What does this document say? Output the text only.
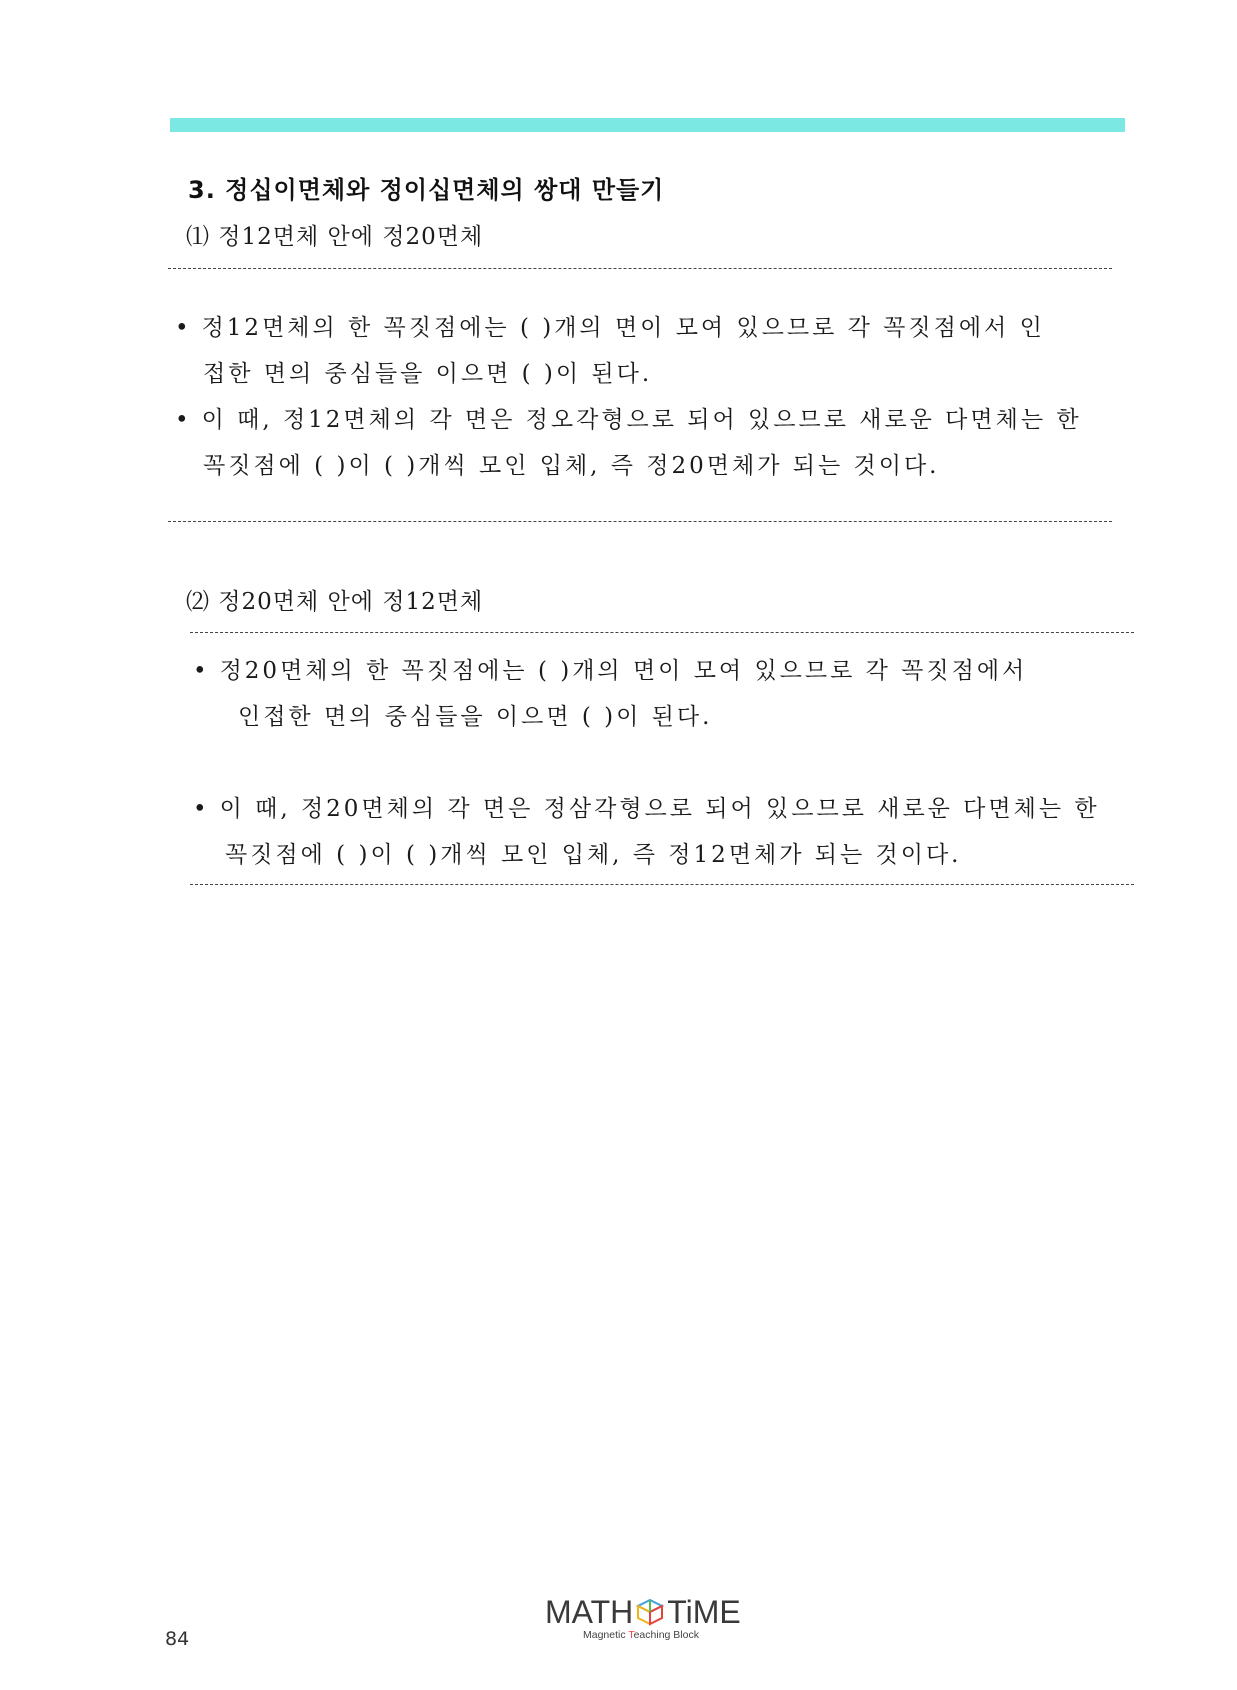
3. 정십이면체와 정이십면체의 쌍대 만들기
⑴ 정12면체 안에 정20면체
• 정12면체의 한 꼭짓점에는 ( )개의 면이 모여 있으므로 각 꼭짓점에서 인
접한 면의 중심들을 이으면 ( )이 된다.
• 이 때, 정12면체의 각 면은 정오각형으로 되어 있으므로 새로운 다면체는 한
꼭짓점에 ( )이 ( )개씩 모인 입체, 즉 정20면체가 되는 것이다.
⑵ 정20면체 안에 정12면체
• 정20면체의 한 꼭짓점에는 ( )개의 면이 모여 있으므로 각 꼭짓점에서
인접한 면의 중심들을 이으면 ( )이 된다.
• 이 때, 정20면체의 각 면은 정삼각형으로 되어 있으므로 새로운 다면체는 한
꼭짓점에 ( )이 ( )개씩 모인 입체, 즉 정12면체가 되는 것이다.
84
MATH TiME
Magnetic Teaching Block
